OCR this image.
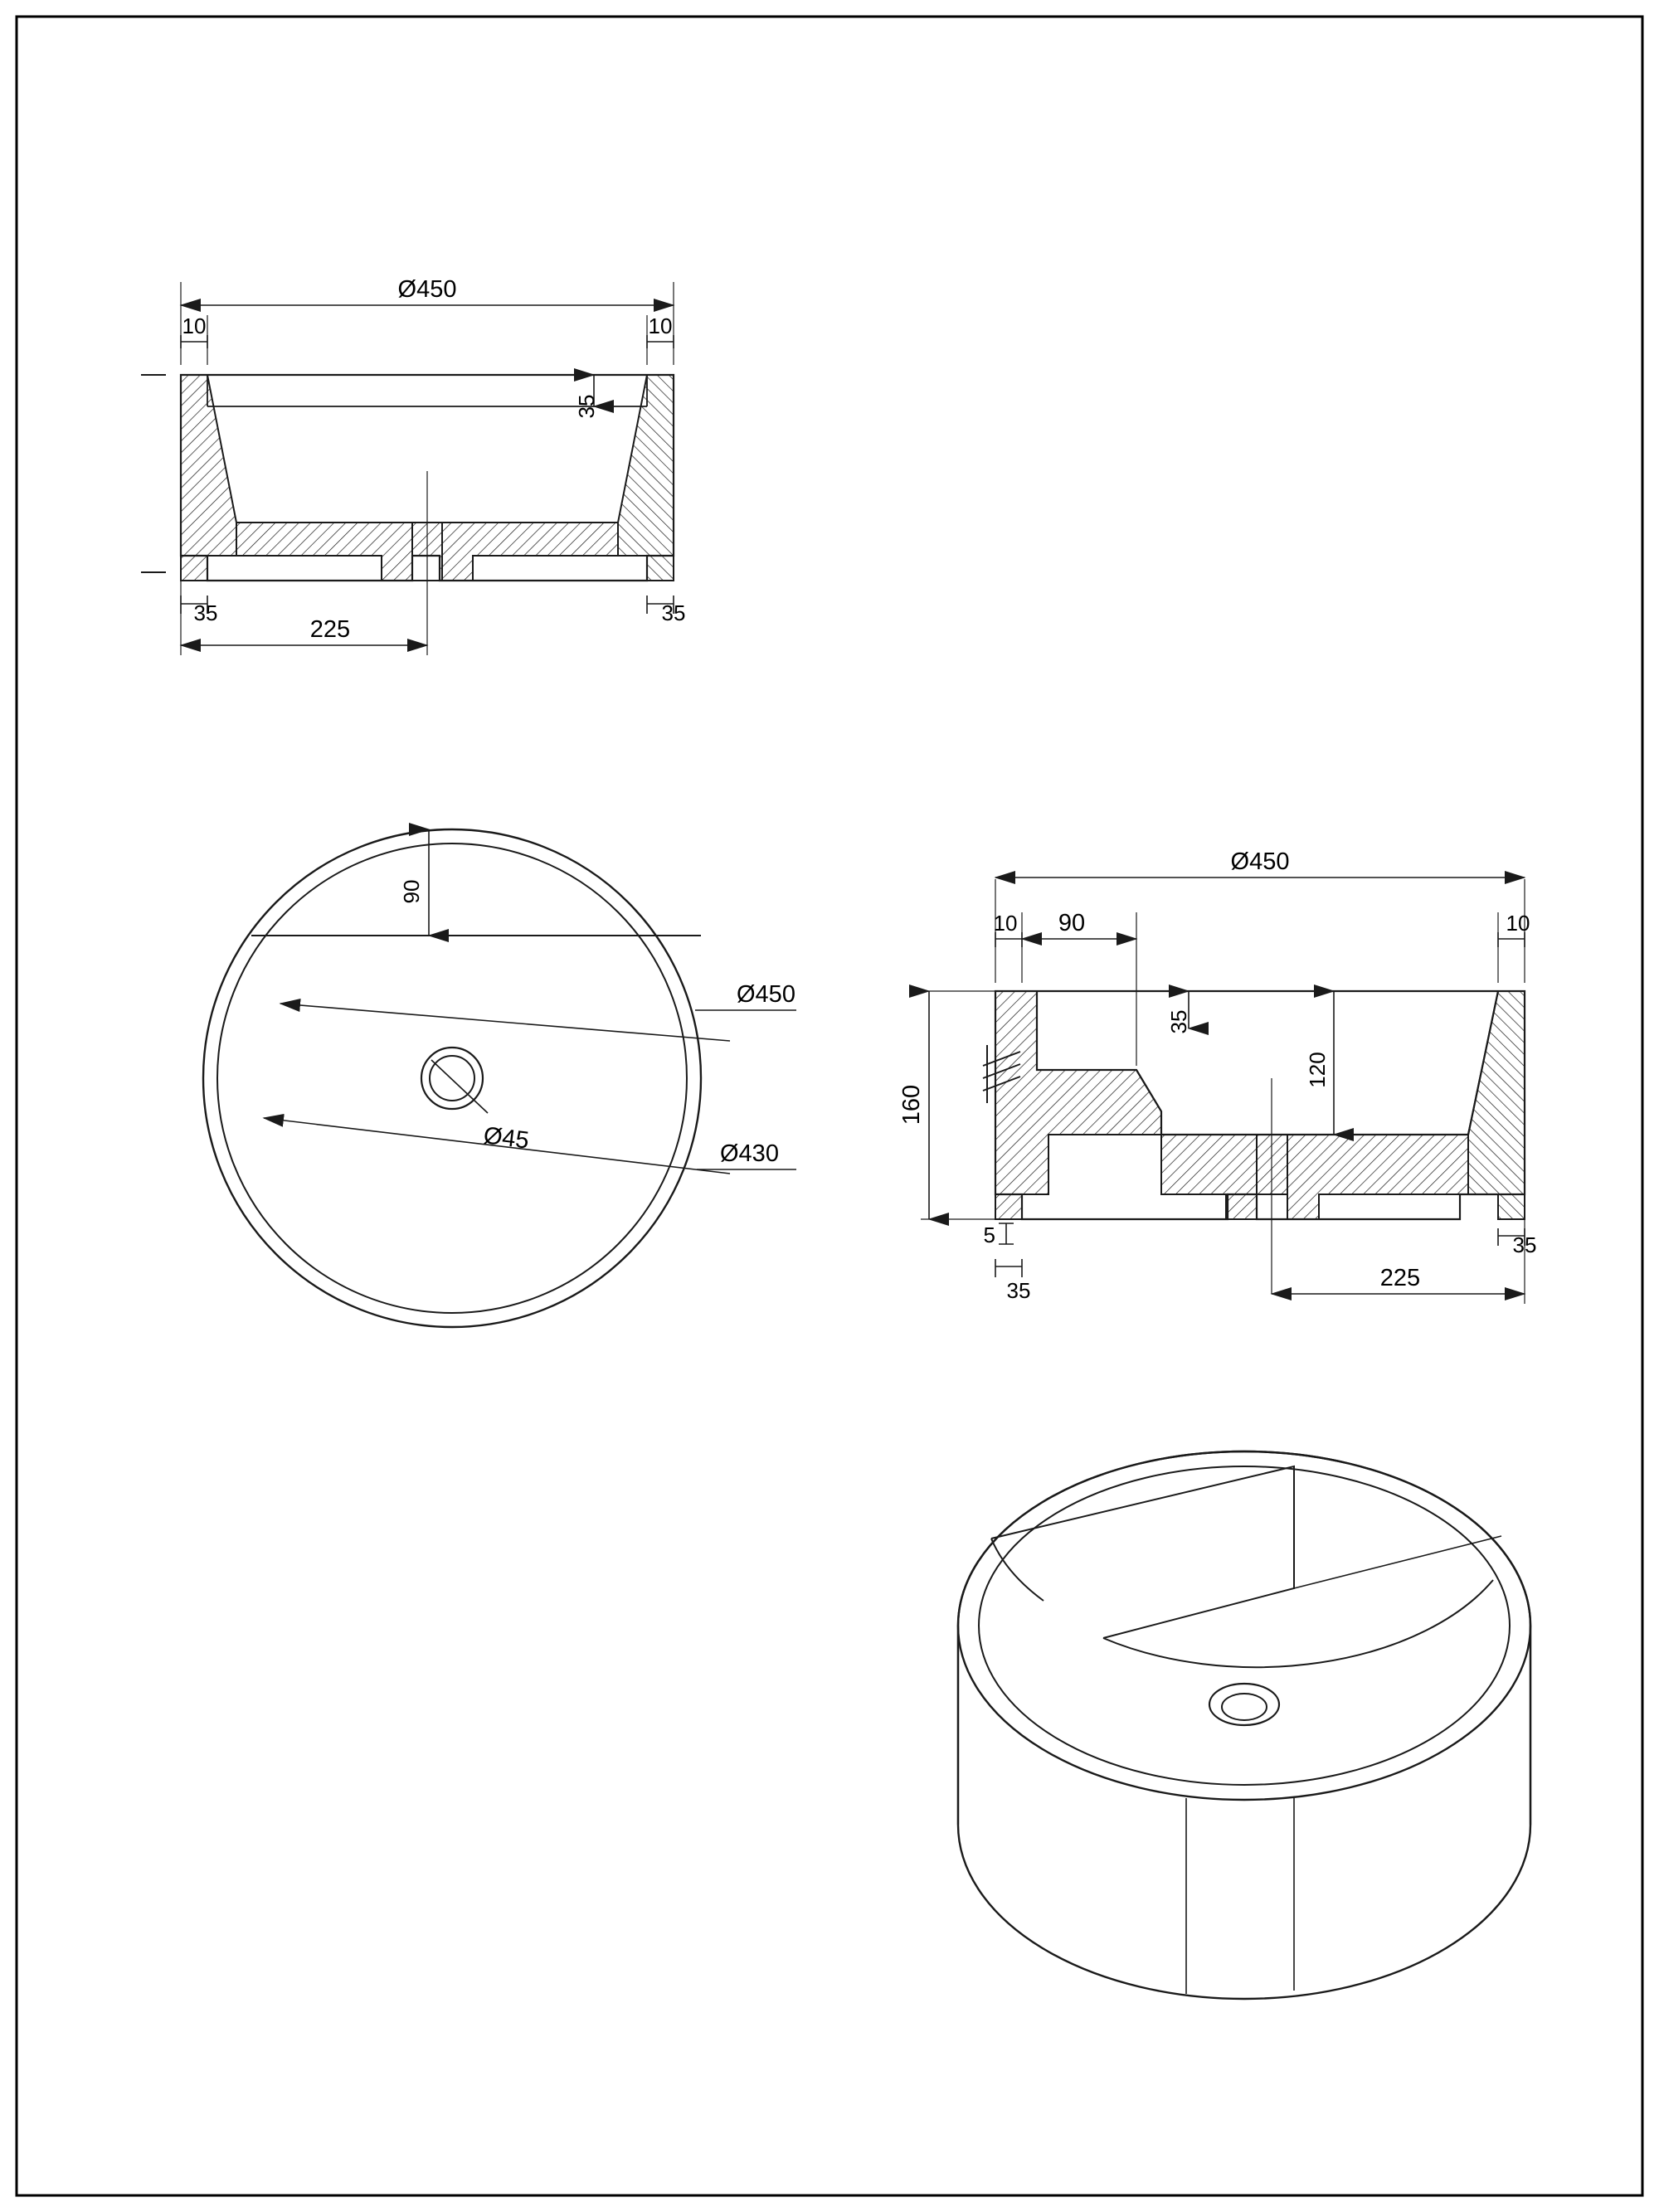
Ø450
10	10
35
35	35
225
90
Ø450
Ø430
Ø45
Ø450
10 90	10
35
120
160
5
35
35
225
